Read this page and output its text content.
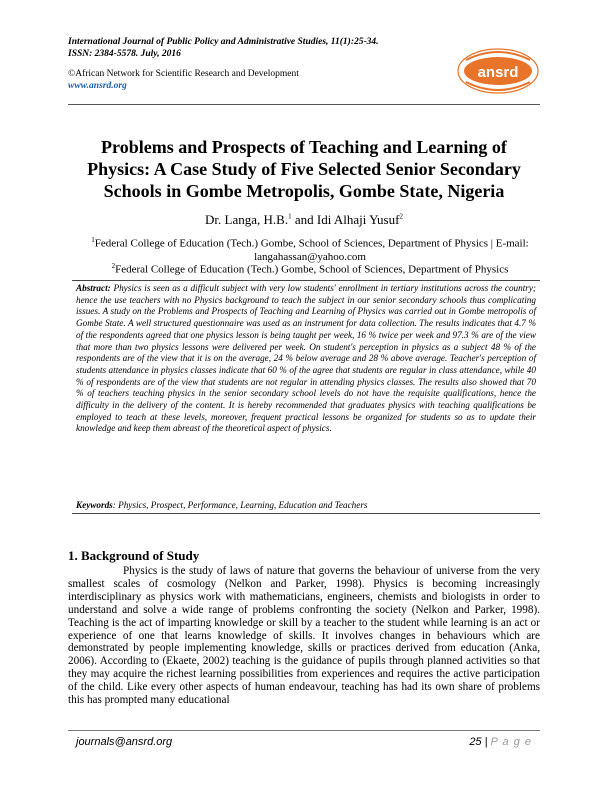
International Journal of Public Policy and Administrative Studies, 11(1):25-34.
ISSN: 2384-5578. July, 2016
©African Network for Scientific Research and Development
www.ansrd.org
ansrd
Problems and Prospects of Teaching and Learning of Physics: A Case Study of Five Selected Senior Secondary Schools in Gombe Metropolis, Gombe State, Nigeria
Dr. Langa, H.B.$^1$ and Idi Alhaji Yusuf$^2$
$^1$Federal College of Education (Tech.) Gombe, School of Sciences, Department of Physics | E-mail: langahassan@yahoo.com
$^2$Federal College of Education (Tech.) Gombe, School of Sciences, Department of Physics
Abstract: Physics is seen as a difficult subject with very low students' enrollment in tertiary institutions across the country; hence the use teachers with no Physics background to teach the subject in our senior secondary schools thus complicating issues. A study on the Problems and Prospects of Teaching and Learning of Physics was carried out in Gombe metropolis of Gombe State. A well structured questionnaire was used as an instrument for data collection. The results indicates that 4.7 % of the respondents agreed that one physics lesson is being taught per week, 16 % twice per week and 97.3 % are of the view that more than two physics lessons were delivered per week. On student's perception in physics as a subject 48 % of the respondents are of the view that it is on the average, 24 % below average and 28 % above average. Teacher's perception of students attendance in physics classes indicate that 60 % of the agree that students are regular in class attendance, while 40 % of respondents are of the view that students are not regular in attending physics classes. The results also showed that 70 % of teachers teaching physics in the senior secondary school levels do not have the requisite qualifications, hence the difficulty in the delivery of the content. It is hereby recommended that graduates physics with teaching qualifications be employed to teach at these levels, moreover, frequent practical lessons be organized for students so as to update their knowledge and keep them abreast of the theoretical aspect of physics.
Keywords: Physics, Prospect, Performance, Learning, Education and Teachers
1. Background of Study
Physics is the study of laws of nature that governs the behaviour of universe from the very smallest scales of cosmology (Nelkon and Parker, 1998). Physics is becoming increasingly interdisciplinary as physics work with mathematicians, engineers, chemists and biologists in order to understand and solve a wide range of problems confronting the society (Nelkon and Parker, 1998). Teaching is the act of imparting knowledge or skill by a teacher to the student while learning is an act or experience of one that learns knowledge of skills. It involves changes in behaviours which are demonstrated by people implementing knowledge, skills or practices derived from education (Anka, 2006). According to (Ekaete, 2002) teaching is the guidance of pupils through planned activities so that they may acquire the richest learning possibilities from experiences and requires the active participation of the child. Like every other aspects of human endeavour, teaching has had its own share of problems this has prompted many educational
journals@ansrd.org	25 | P a g e
